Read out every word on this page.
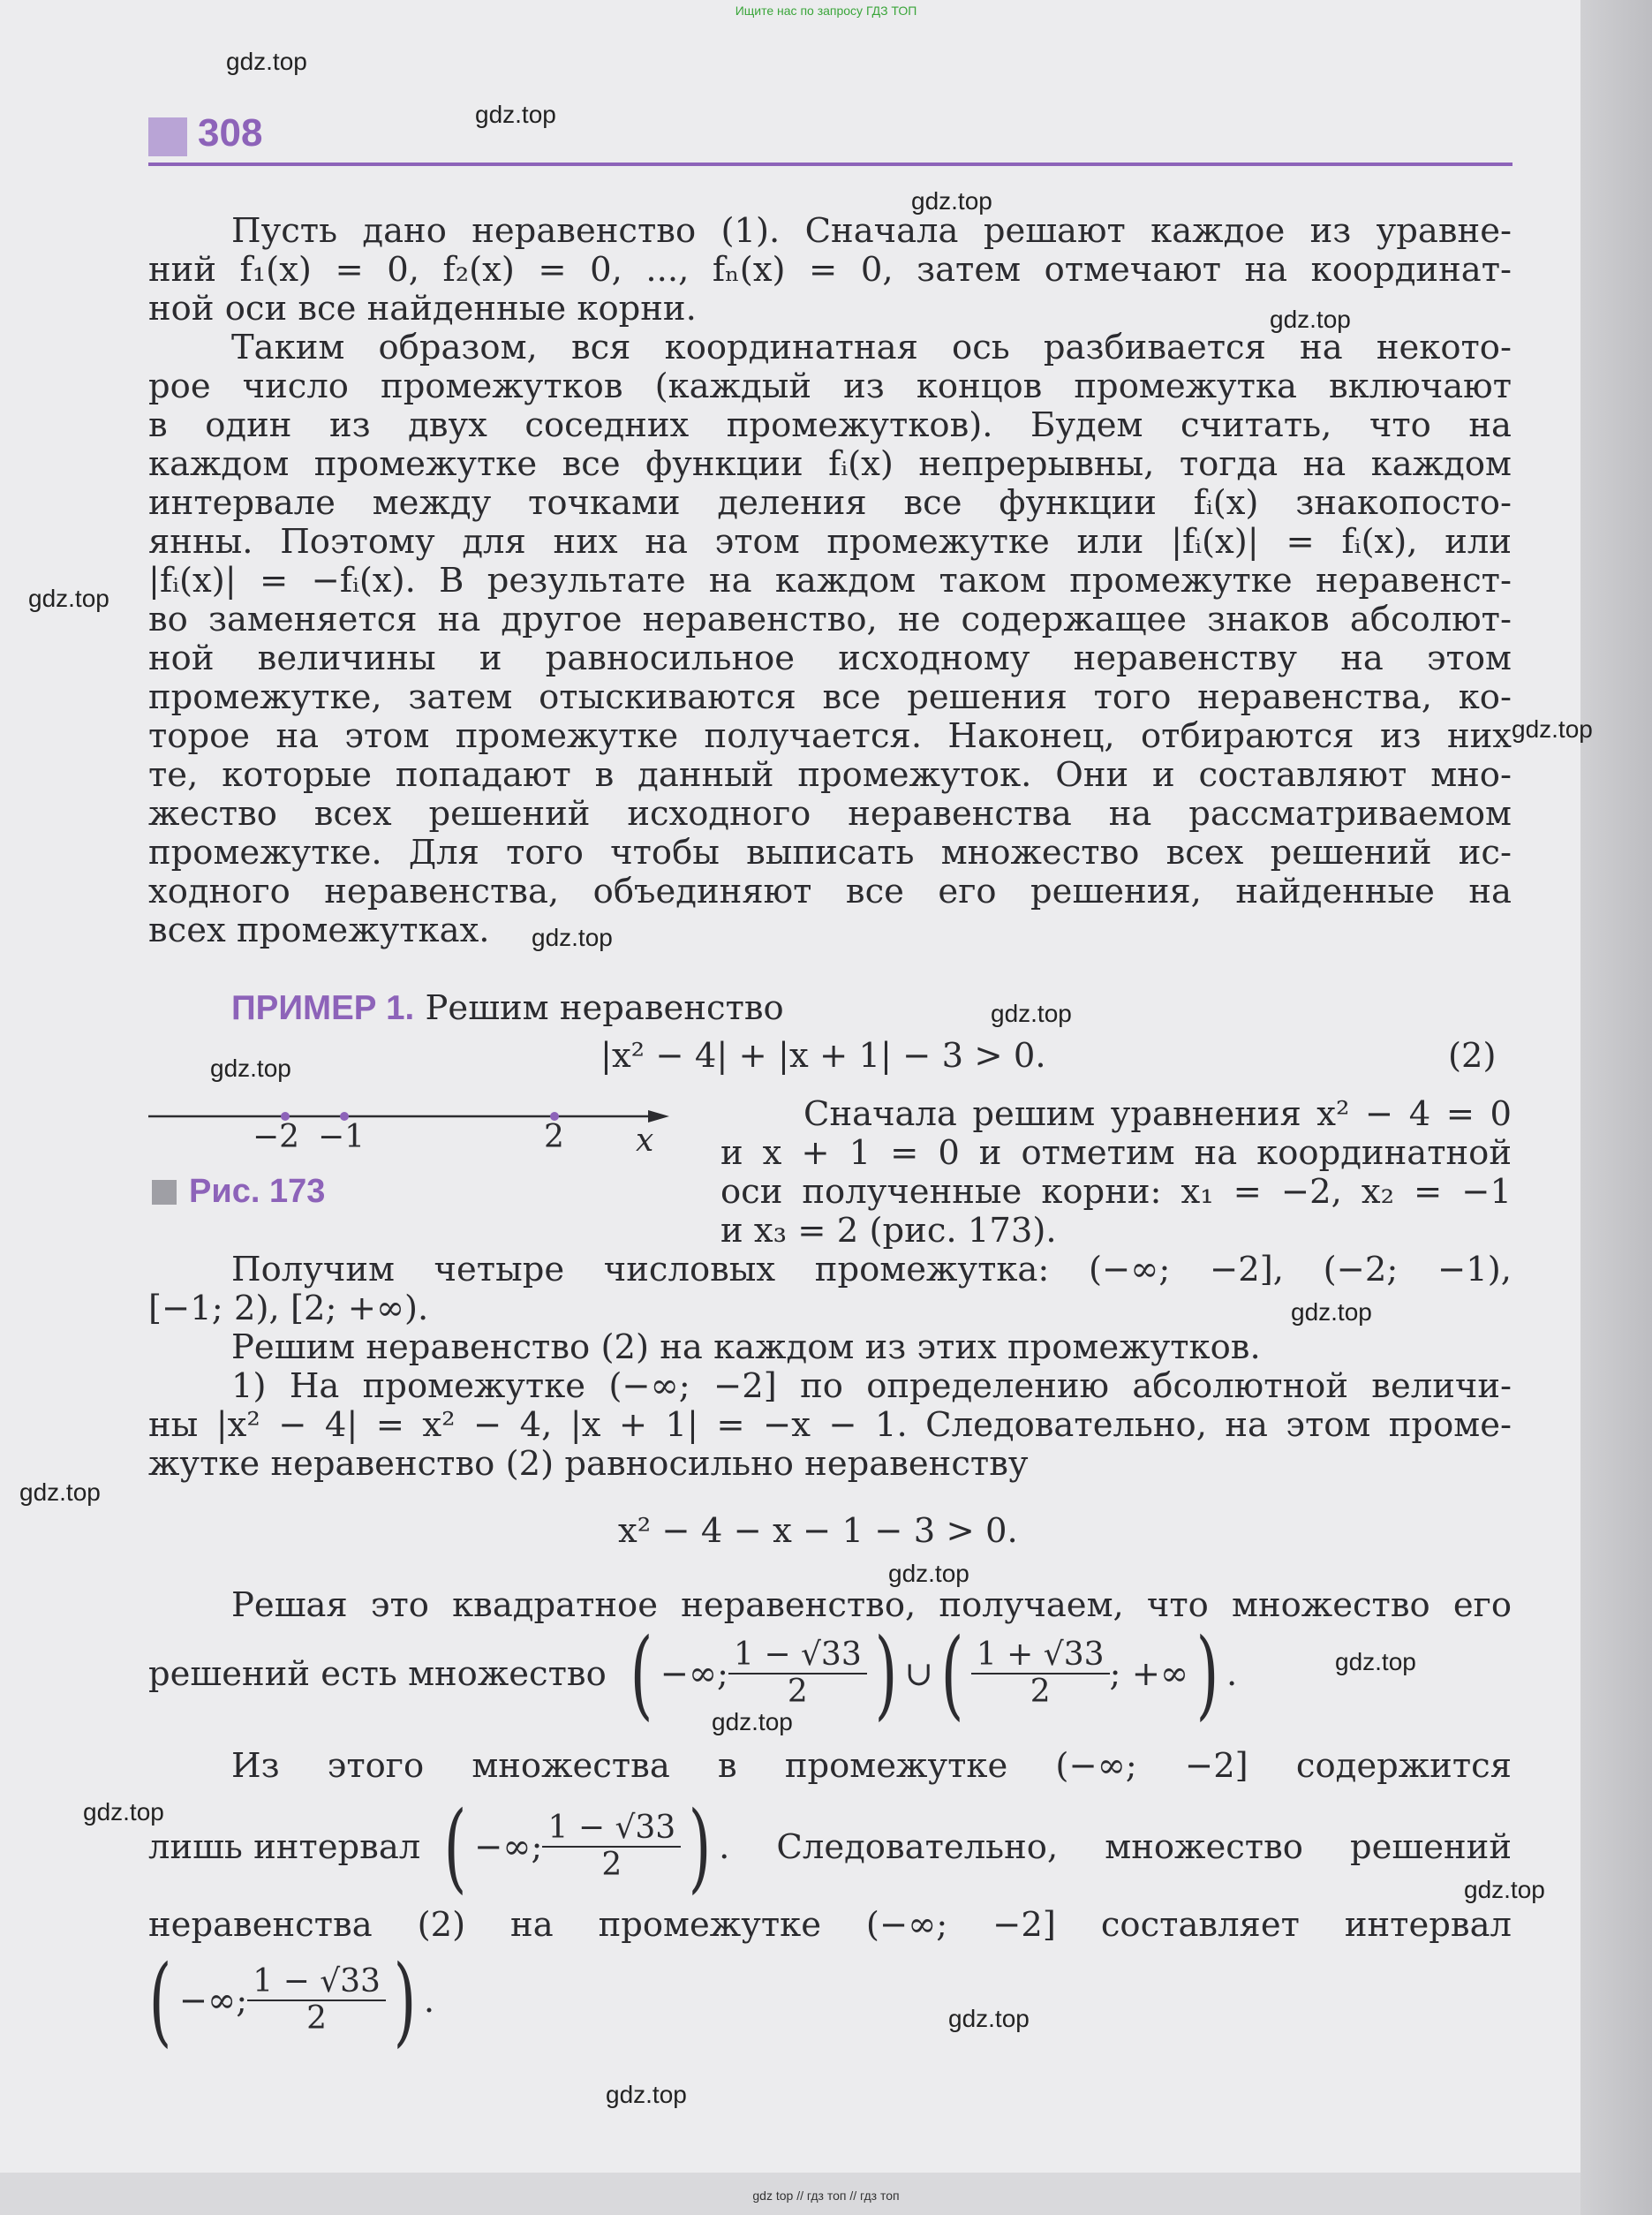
Ищите нас по запросу ГДЗ ТОП
308
Пусть дано неравенство (1). Сначала решают каждое из уравне-
ний f₁(x) = 0, f₂(x) = 0, ..., fₙ(x) = 0, затем отмечают на координат-
ной оси все найденные корни.
Таким образом, вся координатная ось разбивается на некото-
рое число промежутков (каждый из концов промежутка включают
в один из двух соседних промежутков). Будем считать, что на
каждом промежутке все функции fᵢ(x) непрерывны, тогда на каждом
интервале между точками деления все функции fᵢ(x) знакопосто-
янны. Поэтому для них на этом промежутке или |fᵢ(x)| = fᵢ(x), или
|fᵢ(x)| = −fᵢ(x). В результате на каждом таком промежутке неравенст-
во заменяется на другое неравенство, не содержащее знаков абсолют-
ной величины и равносильное исходному неравенству на этом
промежутке, затем отыскиваются все решения того неравенства, ко-
торое на этом промежутке получается. Наконец, отбираются из них
те, которые попадают в данный промежуток. Они и составляют мно-
жество всех решений исходного неравенства на рассматриваемом
промежутке. Для того чтобы выписать множество всех решений ис-
ходного неравенства, объединяют все его решения, найденные на
всех промежутках.
ПРИМЕР 1. Решим неравенство
|x² − 4| + |x + 1| − 3 > 0.	(2)
−2 −1	2 x
Рис. 173
Сначала решим уравнения x² − 4 = 0
и x + 1 = 0 и отметим на координатной
оси полученные корни: x₁ = −2, x₂ = −1
и x₃ = 2 (рис. 173).
Получим четыре числовых промежутка: (−∞; −2], (−2; −1),
[−1; 2), [2; +∞).
Решим неравенство (2) на каждом из этих промежутков.
1) На промежутке (−∞; −2] по определению абсолютной величи-
ны |x² − 4| = x² − 4, |x + 1| = −x − 1. Следовательно, на этом проме-
жутке неравенство (2) равносильно неравенству
x² − 4 − x − 1 − 3 > 0.
Решая это квадратное неравенство, получаем, что множество его
решений есть множество ( −∞; $\frac{1 - √33}{2}$ ) ∪ ( $\frac{1 + √33}{2}$ ; +∞ ) .
Из этого множества в промежутке (−∞; −2] содержится
лишь интервал ( −∞; $\frac{1 - √33}{2}$ ) . Следовательно, множество решений
неравенства (2) на промежутке (−∞; −2] составляет интервал
( −∞; $\frac{1 - √33}{2}$ ) .
gdz.top
gdz.top
gdz.top
gdz.top
gdz.top
gdz.top
gdz.top
gdz.top
gdz.top
gdz.top
gdz.top
gdz.top
gdz.top
gdz.top
gdz.top
gdz.top
gdz.top
gdz.top
gdz top // гдз топ // гдз топ
